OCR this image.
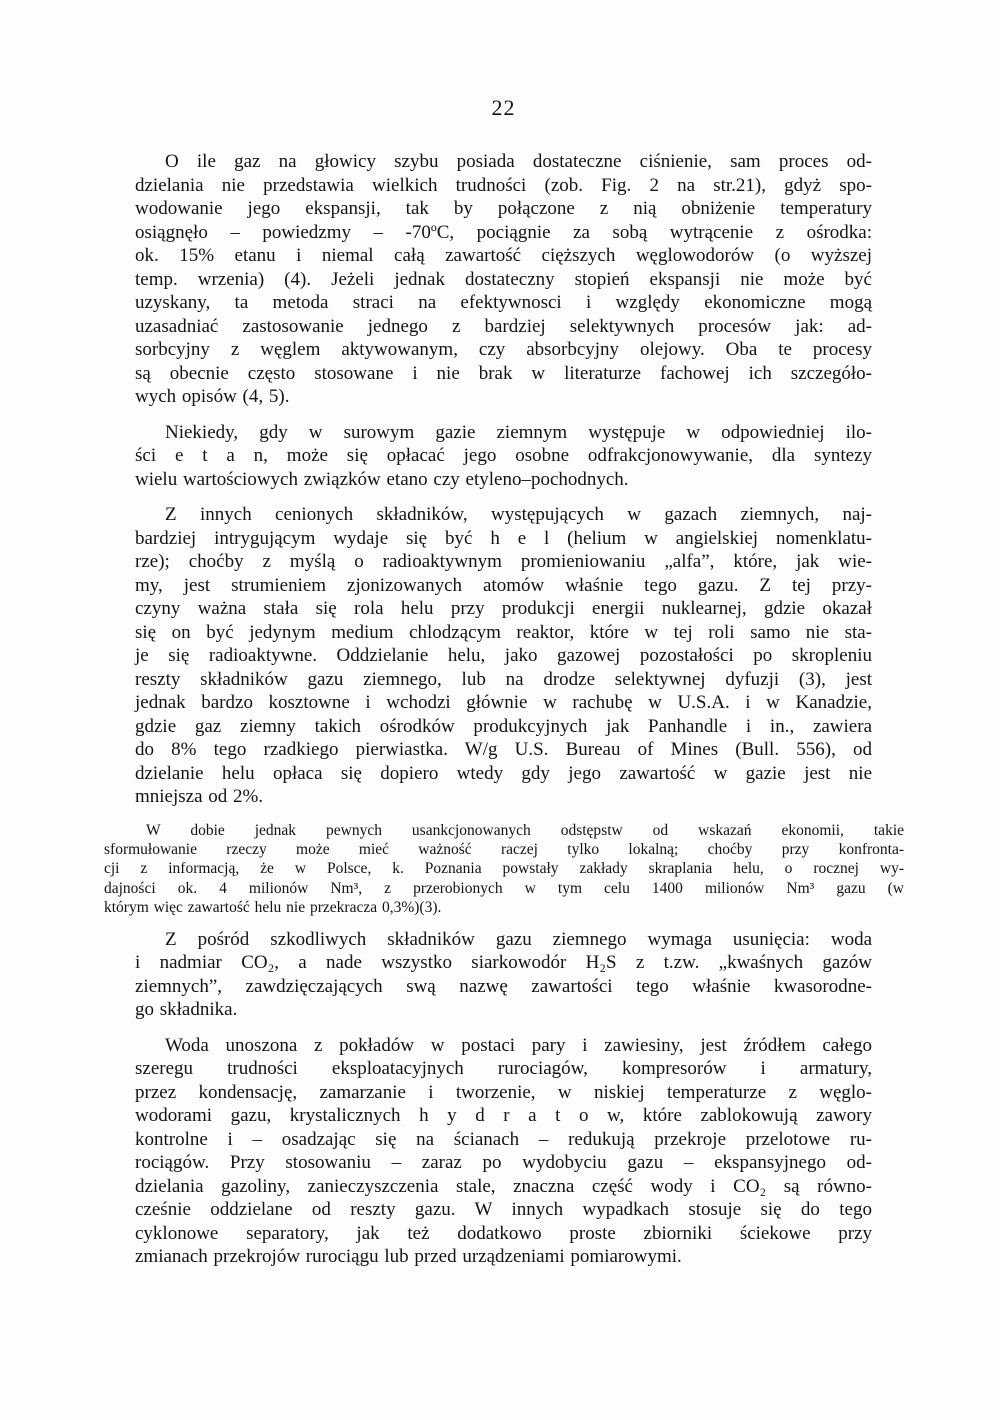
22
O ile gaz na głowicy szybu posiada dostateczne ciśnienie, sam proces od-
dzielania nie przedstawia wielkich trudności (zob. Fig. 2 na str.21), gdyż spo-
wodowanie jego ekspansji, tak by połączone z nią obniżenie temperatury
osiągnęło – powiedzmy – -70ºC, pociągnie za sobą wytrącenie z ośrodka:
ok. 15% etanu i niemal całą zawartość cięższych węglowodorów (o wyższej
temp. wrzenia) (4). Jeżeli jednak dostateczny stopień ekspansji nie może być
uzyskany, ta metoda straci na efektywnosci i względy ekonomiczne mogą
uzasadniać zastosowanie jednego z bardziej selektywnych procesów jak: ad-
sorbcyjny z węglem aktywowanym, czy absorbcyjny olejowy. Oba te procesy
są obecnie często stosowane i nie brak w literaturze fachowej ich szczegóło-
wych opisów (4, 5).
Niekiedy, gdy w surowym gazie ziemnym występuje w odpowiedniej ilo-
ści e t a n, może się opłacać jego osobne odfrakcjonowywanie, dla syntezy
wielu wartościowych związków etano czy etyleno–pochodnych.
Z innych cenionych składników, występujących w gazach ziemnych, naj-
bardziej intrygującym wydaje się być h e l (helium w angielskiej nomenklatu-
rze); choćby z myślą o radioaktywnym promieniowaniu „alfa”, które, jak wie-
my, jest strumieniem zjonizowanych atomów właśnie tego gazu. Z tej przy-
czyny ważna stała się rola helu przy produkcji energii nuklearnej, gdzie okazał
się on być jedynym medium chlodzącym reaktor, które w tej roli samo nie sta-
je się radioaktywne. Oddzielanie helu, jako gazowej pozostałości po skropleniu
reszty składników gazu ziemnego, lub na drodze selektywnej dyfuzji (3), jest
jednak bardzo kosztowne i wchodzi głównie w rachubę w U.S.A. i w Kanadzie,
gdzie gaz ziemny takich ośrodków produkcyjnych jak Panhandle i in., zawiera
do 8% tego rzadkiego pierwiastka. W/g U.S. Bureau of Mines (Bull. 556), od
dzielanie helu opłaca się dopiero wtedy gdy jego zawartość w gazie jest nie
mniejsza od 2%.
W dobie jednak pewnych usankcjonowanych odstępstw od wskazań ekonomii, takie
sformułowanie rzeczy może mieć ważność raczej tylko lokalną; choćby przy konfronta-
cji z informacją, że w Polsce, k. Poznania powstały zakłady skraplania helu, o rocznej wy-
dajności ok. 4 milionów Nm³, z przerobionych w tym celu 1400 milionów Nm³ gazu (w
którym więc zawartość helu nie przekracza 0,3%)(3).
Z pośród szkodliwych składników gazu ziemnego wymaga usunięcia: woda
i nadmiar CO₂, a nade wszystko siarkowodór H₂S z t.zw. „kwaśnych gazów
ziemnych”, zawdzięczających swą nazwę zawartości tego właśnie kwasorodne-
go składnika.
Woda unoszona z pokładów w postaci pary i zawiesiny, jest źródłem całego
szeregu trudności eksploatacyjnych rurociagów, kompresorów i armatury,
przez kondensację, zamarzanie i tworzenie, w niskiej temperaturze z węglo-
wodorami gazu, krystalicznych h y d r a t o w, które zablokowują zawory
kontrolne i – osadzając się na ścianach – redukują przekroje przelotowe ru-
rociągów. Przy stosowaniu – zaraz po wydobyciu gazu – ekspansyjnego od-
dzielania gazoliny, zanieczyszczenia stale, znaczna część wody i CO₂ są równo-
cześnie oddzielane od reszty gazu. W innych wypadkach stosuje się do tego
cyklonowe separatory, jak też dodatkowo proste zbiorniki ściekowe przy
zmianach przekrojów rurociągu lub przed urządzeniami pomiarowymi.
